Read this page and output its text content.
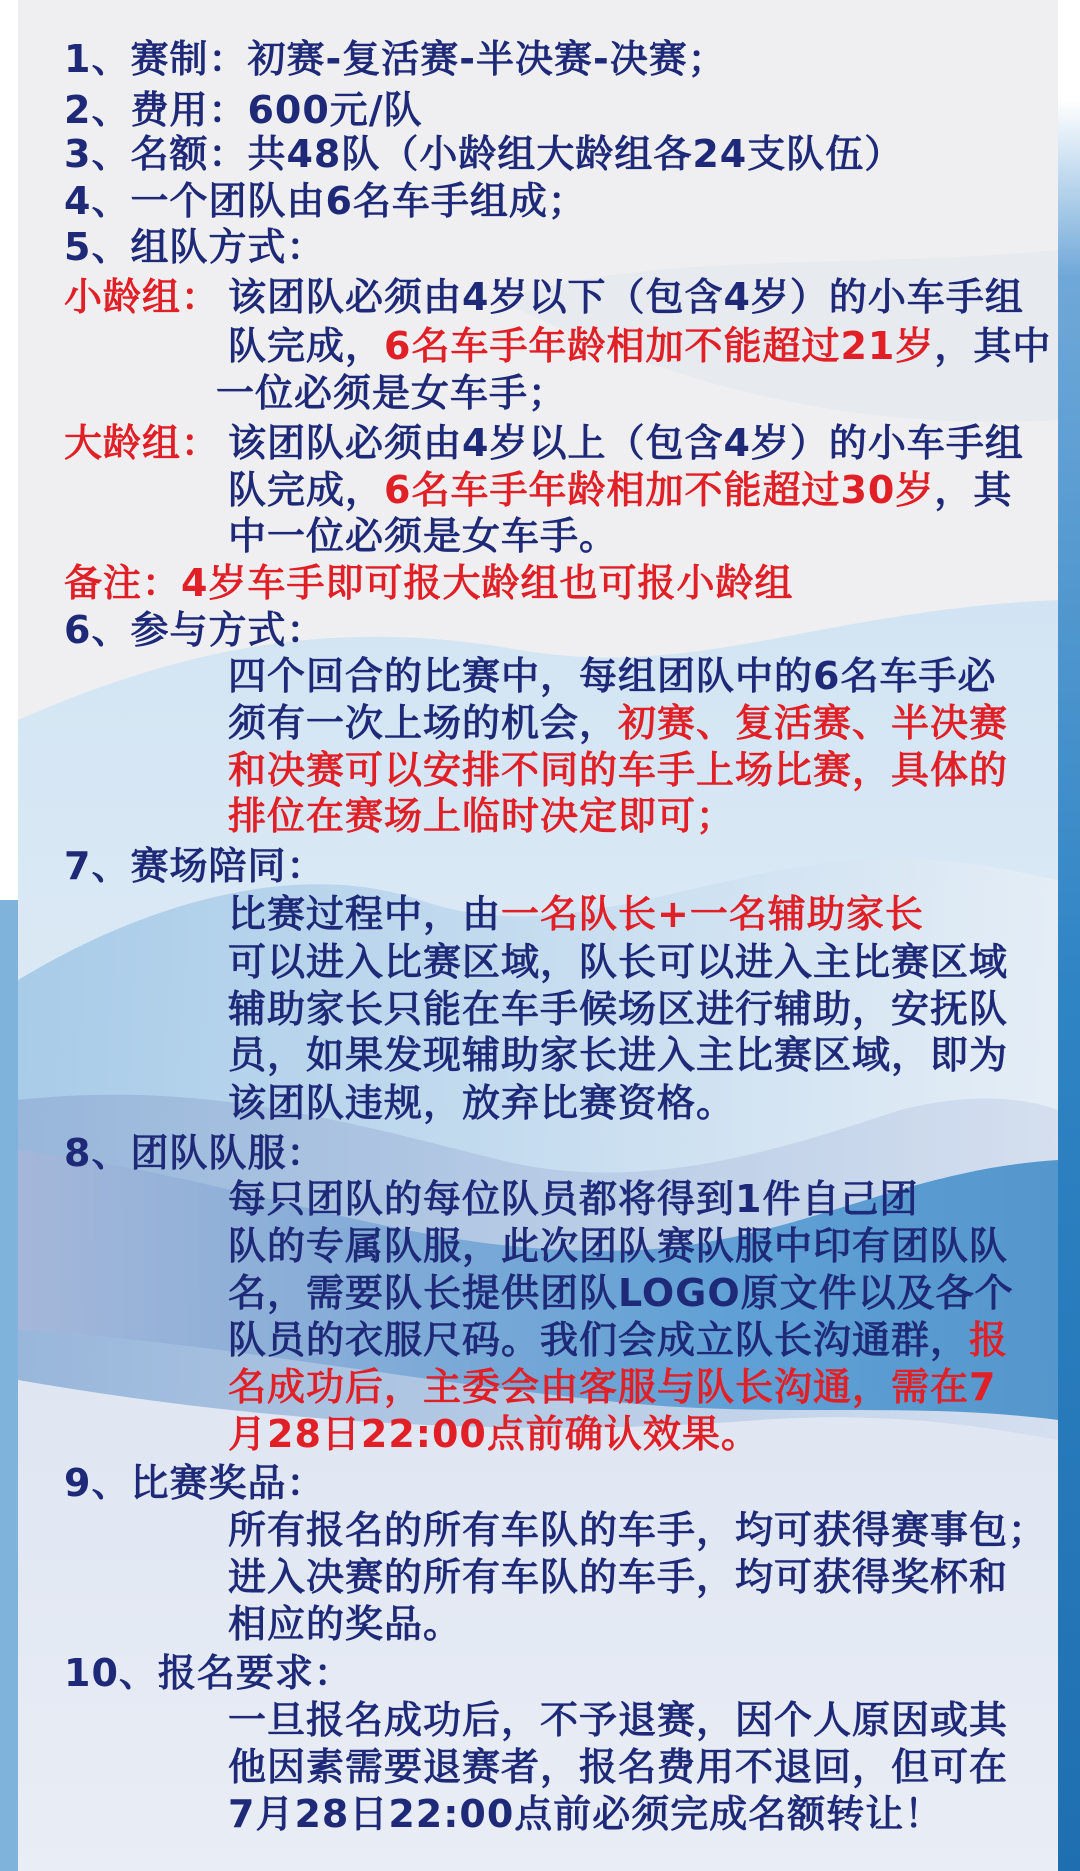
1、赛制：初赛-复活赛-半决赛-决赛；
2、费用：600元/队
3、名额：共48队（小龄组大龄组各24支队伍）
4、一个团队由6名车手组成；
5、组队方式：
小龄组： 该团队必须由4岁以下（包含4岁）的小车手组
队完成，6名车手年龄相加不能超过21岁，其中
一位必须是女车手；
大龄组： 该团队必须由4岁以上（包含4岁）的小车手组
队完成，6名车手年龄相加不能超过30岁，其
中一位必须是女车手。
备注：4岁车手即可报大龄组也可报小龄组
6、参与方式：
四个回合的比赛中，每组团队中的6名车手必
须有一次上场的机会，初赛、复活赛、半决赛
和决赛可以安排不同的车手上场比赛，具体的
排位在赛场上临时决定即可；
7、赛场陪同：
比赛过程中，由一名队长+一名辅助家长
可以进入比赛区域，队长可以进入主比赛区域
辅助家长只能在车手候场区进行辅助，安抚队
员，如果发现辅助家长进入主比赛区域，即为
该团队违规，放弃比赛资格。
8、团队队服：
每只团队的每位队员都将得到1件自己团
队的专属队服，此次团队赛队服中印有团队队
名，需要队长提供团队LOGO原文件以及各个
队员的衣服尺码。我们会成立队长沟通群，报
名成功后，主委会由客服与队长沟通，需在7
月28日22:00点前确认效果。
9、比赛奖品：
所有报名的所有车队的车手，均可获得赛事包；
进入决赛的所有车队的车手，均可获得奖杯和
相应的奖品。
10、报名要求：
一旦报名成功后，不予退赛，因个人原因或其
他因素需要退赛者，报名费用不退回，但可在
7月28日22:00点前必须完成名额转让！
